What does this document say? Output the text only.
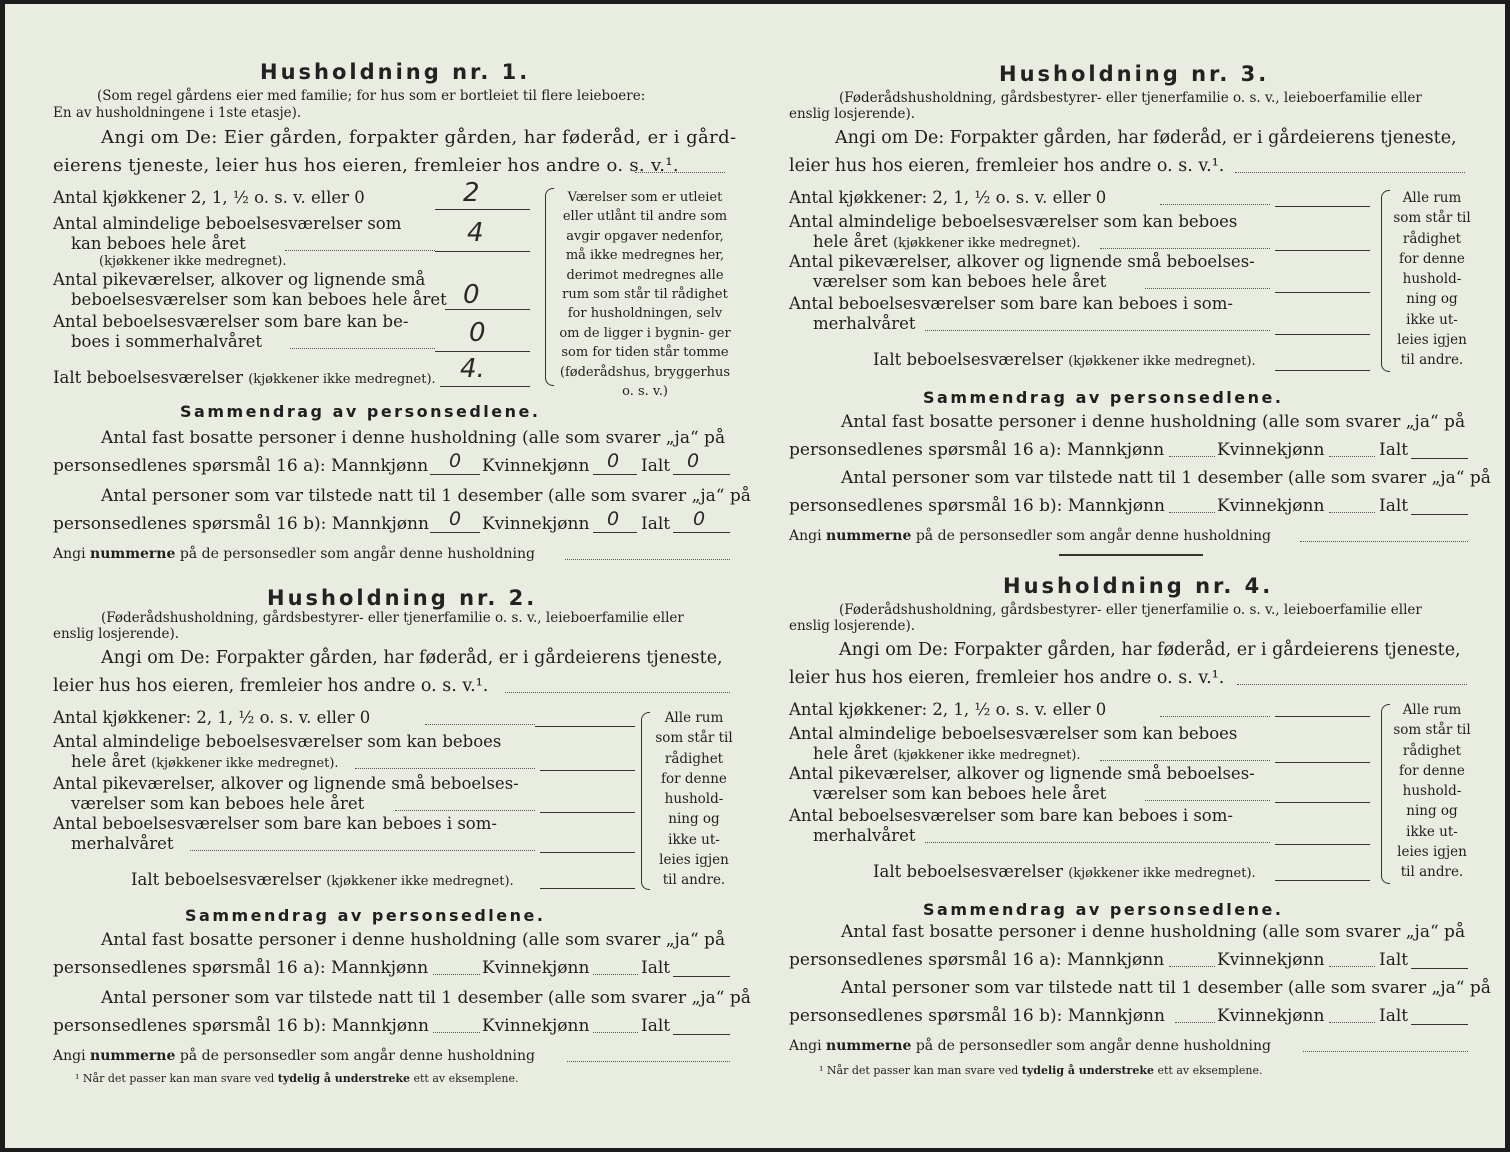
Husholdning nr. 1.
(Som regel gårdens eier med familie; for hus som er bortleiet til flere leieboere:
En av husholdningene i 1ste etasje).
Angi om De: Eier gården, forpakter gården, har føderåd, er i gård-
eierens tjeneste, leier hus hos eieren, fremleier hos andre o. s. v.¹.
Antal kjøkkener 2, 1, ½ o. s. v. eller 0	2
Antal almindelige beboelsesværelser som
kan beboes hele året
(kjøkkener ikke medregnet).
4
Antal pikeværelser, alkover og lignende små
beboelsesværelser som kan beboes hele året 0
Antal beboelsesværelser som bare kan be-
boes i sommerhalvåret	0
Ialt beboelsesværelser (kjøkkener ikke medregnet). 4.
Værelser som er utleiet eller utlånt til andre som avgir opgaver nedenfor, må ikke medregnes her, derimot medregnes alle rum som står til rådighet for husholdningen, selv om de ligger i bygnin- ger som for tiden står tomme (føderådshus, bryggerhus o. s. v.)
Sammendrag av personsedlene.
Antal fast bosatte personer i denne husholdning (alle som svarer „ja“ på
personsedlenes spørsmål 16 a): Mannkjønn 0 Kvinnekjønn 0 Ialt 0
Antal personer som var tilstede natt til 1 desember (alle som svarer „ja“ på
personsedlenes spørsmål 16 b): Mannkjønn 0 Kvinnekjønn 0 Ialt 0
Angi nummerne på de personsedler som angår denne husholdning
Husholdning nr. 2.
(Føderådshusholdning, gårdsbestyrer- eller tjenerfamilie o. s. v., leieboerfamilie eller
enslig losjerende).
Angi om De: Forpakter gården, har føderåd, er i gårdeierens tjeneste,
leier hus hos eieren, fremleier hos andre o. s. v.¹.
Antal kjøkkener: 2, 1, ½ o. s. v. eller 0
Antal almindelige beboelsesværelser som kan beboes
hele året (kjøkkener ikke medregnet).
Antal pikeværelser, alkover og lignende små beboelses-
værelser som kan beboes hele året
Antal beboelsesværelser som bare kan beboes i som-
merhalvåret
Ialt beboelsesværelser (kjøkkener ikke medregnet).
Alle rum som står til rådighet for denne hushold- ning og ikke ut- leies igjen til andre.
Sammendrag av personsedlene.
Antal fast bosatte personer i denne husholdning (alle som svarer „ja“ på
personsedlenes spørsmål 16 a): Mannkjønn	Kvinnekjønn	Ialt
Antal personer som var tilstede natt til 1 desember (alle som svarer „ja“ på
personsedlenes spørsmål 16 b): Mannkjønn	Kvinnekjønn	Ialt
Angi nummerne på de personsedler som angår denne husholdning
¹ Når det passer kan man svare ved tydelig å understreke ett av eksemplene.
Husholdning nr. 3.
(Føderådshusholdning, gårdsbestyrer- eller tjenerfamilie o. s. v., leieboerfamilie eller
enslig losjerende).
Angi om De: Forpakter gården, har føderåd, er i gårdeierens tjeneste,
leier hus hos eieren, fremleier hos andre o. s. v.¹.
Antal kjøkkener: 2, 1, ½ o. s. v. eller 0
Antal almindelige beboelsesværelser som kan beboes
hele året (kjøkkener ikke medregnet).
Antal pikeværelser, alkover og lignende små beboelses-
værelser som kan beboes hele året
Antal beboelsesværelser som bare kan beboes i som-
merhalvåret
Ialt beboelsesværelser (kjøkkener ikke medregnet).
Alle rum som står til rådighet for denne hushold- ning og ikke ut- leies igjen til andre.
Sammendrag av personsedlene.
Antal fast bosatte personer i denne husholdning (alle som svarer „ja“ på
personsedlenes spørsmål 16 a): Mannkjønn	Kvinnekjønn	Ialt
Antal personer som var tilstede natt til 1 desember (alle som svarer „ja“ på
personsedlenes spørsmål 16 b): Mannkjønn	Kvinnekjønn	Ialt
Angi nummerne på de personsedler som angår denne husholdning
Husholdning nr. 4.
(Føderådshusholdning, gårdsbestyrer- eller tjenerfamilie o. s. v., leieboerfamilie eller
enslig losjerende).
Angi om De: Forpakter gården, har føderåd, er i gårdeierens tjeneste,
leier hus hos eieren, fremleier hos andre o. s. v.¹.
Antal kjøkkener: 2, 1, ½ o. s. v. eller 0
Antal almindelige beboelsesværelser som kan beboes
hele året (kjøkkener ikke medregnet).
Antal pikeværelser, alkover og lignende små beboelses-
værelser som kan beboes hele året
Antal beboelsesværelser som bare kan beboes i som-
merhalvåret
Ialt beboelsesværelser (kjøkkener ikke medregnet).
Alle rum som står til rådighet for denne hushold- ning og ikke ut- leies igjen til andre.
Sammendrag av personsedlene.
Antal fast bosatte personer i denne husholdning (alle som svarer „ja“ på
personsedlenes spørsmål 16 a): Mannkjønn	Kvinnekjønn	Ialt
Antal personer som var tilstede natt til 1 desember (alle som svarer „ja“ på
personsedlenes spørsmål 16 b): Mannkjønn	Kvinnekjønn	Ialt
Angi nummerne på de personsedler som angår denne husholdning
¹ Når det passer kan man svare ved tydelig å understreke ett av eksemplene.
